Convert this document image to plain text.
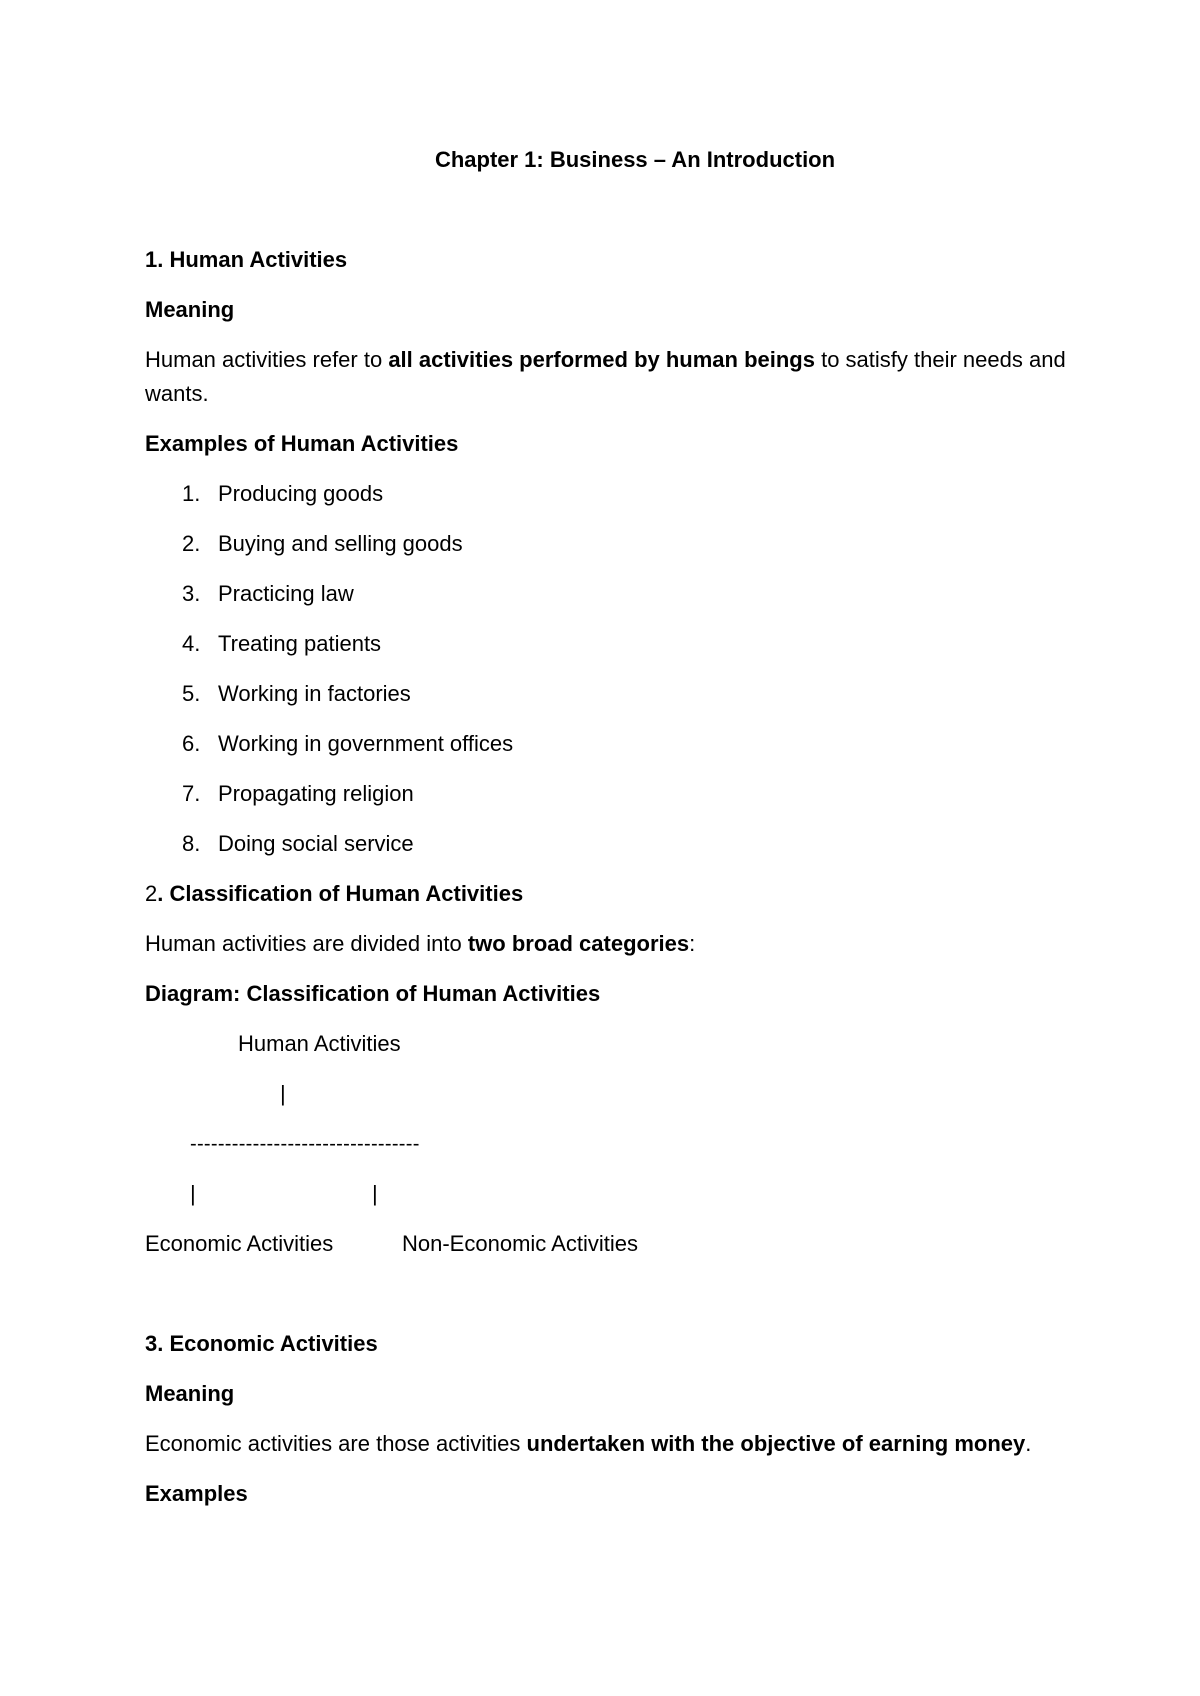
Chapter 1: Business – An Introduction
1. Human Activities
Meaning
Human activities refer to all activities performed by human beings to satisfy their needs and
wants.
Examples of Human Activities
1. Producing goods
2. Buying and selling goods
3. Practicing law
4. Treating patients
5. Working in factories
6. Working in government offices
7. Propagating religion
8. Doing social service
2. Classification of Human Activities
Human activities are divided into two broad categories:
Diagram: Classification of Human Activities
Human Activities
|
---------------------------------
|	|
Economic Activities	Non-Economic Activities
3. Economic Activities
Meaning
Economic activities are those activities undertaken with the objective of earning money.
Examples
